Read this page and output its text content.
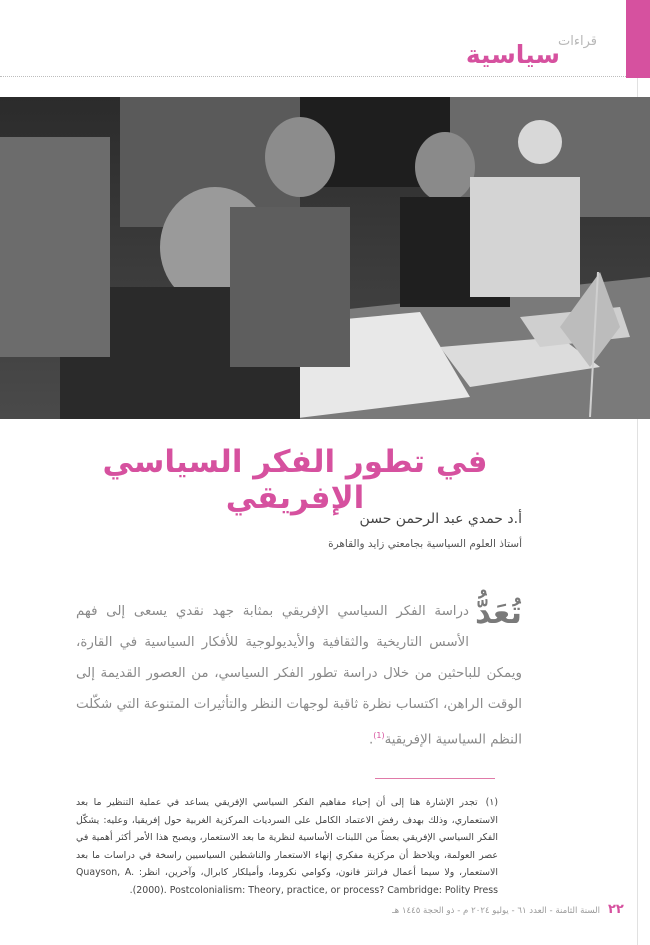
قراءات
سياسية
في تطور الفكر السياسي الإفريقي
أ.د حمدي عبد الرحمن حسن
أستاذ العلوم السياسية بجامعتي زايد والقاهرة
تُعَدُّ
دراسة الفكر السياسي الإفريقي بمثابة جهد نقدي يسعى إلى فهم الأسس التاريخية والثقافية والأيديولوجية للأفكار السياسية في القارة، ويمكن للباحثين من خلال دراسة تطور الفكر السياسي، من العصور القديمة إلى الوقت الراهن، اكتساب نظرة ثاقبة لوجهات النظر والتأثيرات المتنوعة التي شكّلت النظم السياسية الإفريقية$^{(1)}$.
(١)تجدر الإشارة هنا إلى أن إحياء مفاهيم الفكر السياسي الإفريقي يساعد في عملية التنظير ما بعد الاستعماري، وذلك بهدف رفض الاعتماد الكامل على السرديات المركزية الغربية حول إفريقيا، وعليه: يشكّل الفكر السياسي الإفريقي بعضاً من اللبنات الأساسية لنظرية ما بعد الاستعمار، ويصبح هذا الأمر أكثر أهمية في عصر العولمة، ويلاحظ أن مركزية مفكري إنهاء الاستعمار والناشطين السياسيين راسخة في دراسات ما بعد الاستعمار، ولا سيما أعمال فرانتز فانون، وكوامي نكروما، وأميلكار كابرال، وآخرين، انظر: Quayson, A. (2000). Postcolonialism: Theory, practice, or process? Cambridge: Polity Press.
٢٢
السنة الثامنة - العدد ٦١ - يوليو ٢٠٢٤ م - ذو الحجة ١٤٤٥ هـ
